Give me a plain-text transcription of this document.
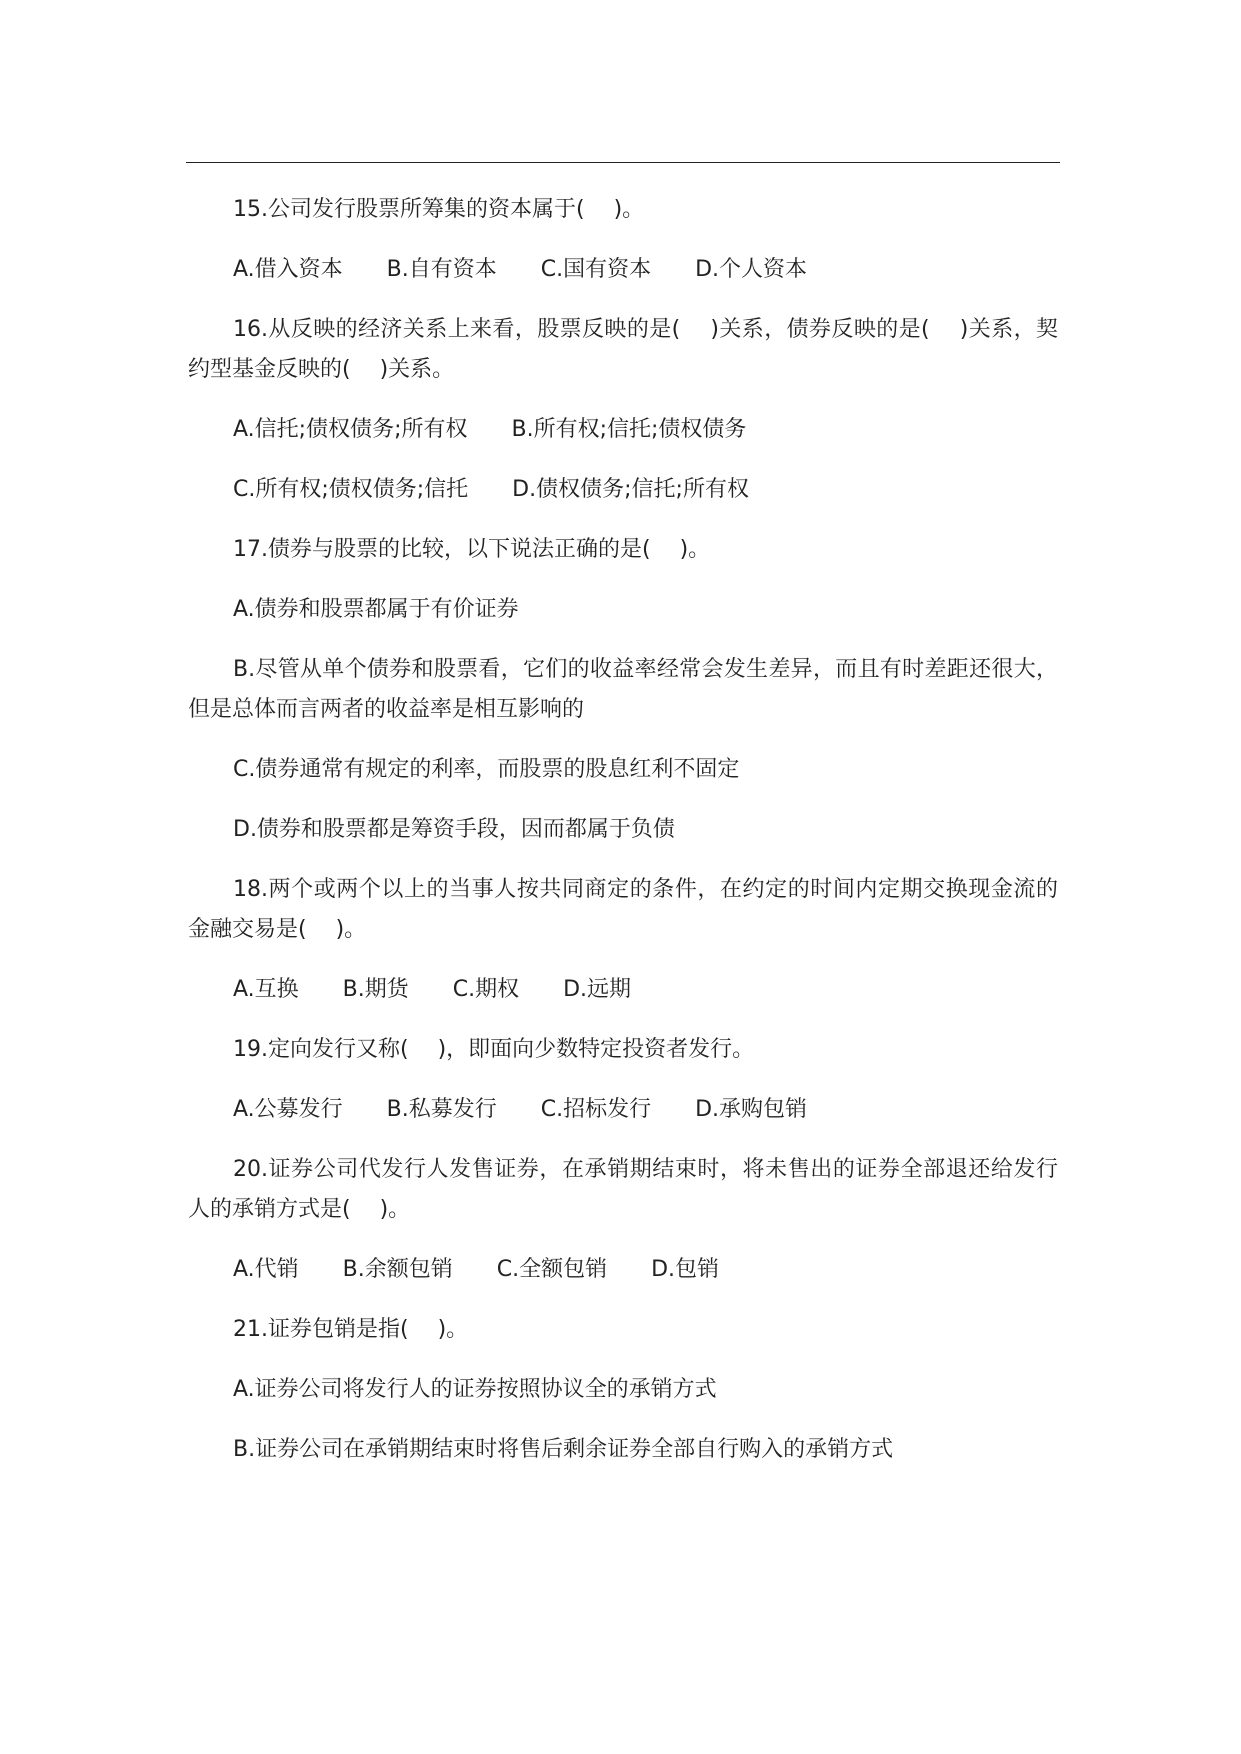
15.公司发行股票所筹集的资本属于(　 )。

A.借入资本　　B.自有资本　　C.国有资本　　D.个人资本

16.从反映的经济关系上来看，股票反映的是(　 )关系，债券反映的是(　 )关系，契约型基金反映的(　 )关系。

A.信托;债权债务;所有权　　B.所有权;信托;债权债务

C.所有权;债权债务;信托　　D.债权债务;信托;所有权

17.债券与股票的比较，以下说法正确的是(　 )。

A.债券和股票都属于有价证券

B.尽管从单个债券和股票看，它们的收益率经常会发生差异，而且有时差距还很大，但是总体而言两者的收益率是相互影响的

C.债券通常有规定的利率，而股票的股息红利不固定

D.债券和股票都是筹资手段，因而都属于负债

18.两个或两个以上的当事人按共同商定的条件，在约定的时间内定期交换现金流的金融交易是(　 )。

A.互换　　B.期货　　C.期权　　D.远期

19.定向发行又称(　 )，即面向少数特定投资者发行。

A.公募发行　　B.私募发行　　C.招标发行　　D.承购包销

20.证券公司代发行人发售证券，在承销期结束时，将未售出的证券全部退还给发行人的承销方式是(　 )。

A.代销　　B.余额包销　　C.全额包销　　D.包销

21.证券包销是指(　 )。

A.证券公司将发行人的证券按照协议全的承销方式

B.证券公司在承销期结束时将售后剩余证券全部自行购入的承销方式
